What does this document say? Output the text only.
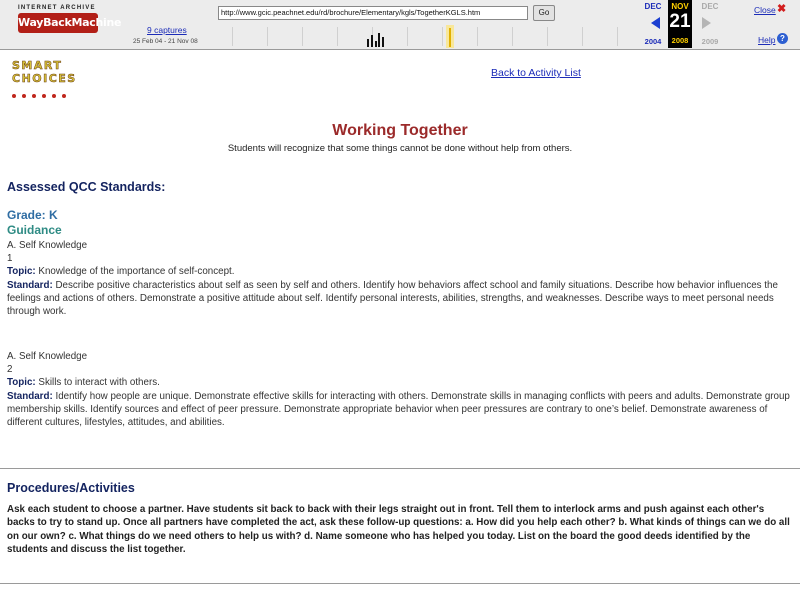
INTERNET ARCHIVE
WayBackMachine
9 captures
25 Feb 04 - 21 Nov 08
http://www.gcic.peachnet.edu/rd/brochure/Elementary/kgls/TogetherKGLS.htm	Go
DEC
2004
NOV
21
2008
DEC
2009
Close ✖
Help ?
SMART
CHOICES	Back to Activity List
Working Together
Students will recognize that some things cannot be done without help from others.
Assessed QCC Standards:
Grade: K
Guidance
A. Self Knowledge
1
Topic: Knowledge of the importance of self-concept.
Standard: Describe positive characteristics about self as seen by self and others. Identify how behaviors affect school and family situations. Describe how behavior influences the feelings and actions of others. Demonstrate a positive attitude about self. Identify personal interests, abilities, strengths, and weaknesses. Describe ways to meet personal needs through work.
A. Self Knowledge
2
Topic: Skills to interact with others.
Standard: Identify how people are unique. Demonstrate effective skills for interacting with others. Demonstrate skills in managing conflicts with peers and adults. Demonstrate group membership skills. Identify sources and effect of peer pressure. Demonstrate appropriate behavior when peer pressures are contrary to one’s belief. Demonstrate awareness of different cultures, lifestyles, attitudes, and abilities.
Procedures/Activities
Ask each student to choose a partner. Have students sit back to back with their legs straight out in front. Tell them to interlock arms and push against each other's backs to try to stand up. Once all partners have completed the act, ask these follow-up questions: a. How did you help each other? b. What kinds of things can we do all on our own? c. What things do we need others to help us with? d. Name someone who has helped you today. List on the board the good deeds identified by the students and discuss the list together.
